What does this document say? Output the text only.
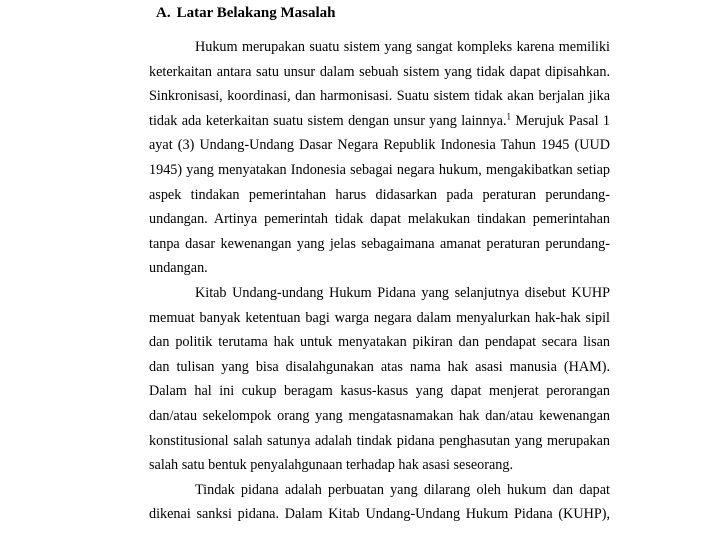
A. Latar Belakang Masalah
Hukum merupakan suatu sistem yang sangat kompleks karena memiliki
keterkaitan antara satu unsur dalam sebuah sistem yang tidak dapat dipisahkan.
Sinkronisasi, koordinasi, dan harmonisasi. Suatu sistem tidak akan berjalan jika
tidak ada keterkaitan suatu sistem dengan unsur yang lainnya.$^1$ Merujuk Pasal 1
ayat (3) Undang-Undang Dasar Negara Republik Indonesia Tahun 1945 (UUD
1945) yang menyatakan Indonesia sebagai negara hukum, mengakibatkan setiap
aspek tindakan pemerintahan harus didasarkan pada peraturan perundang-
undangan. Artinya pemerintah tidak dapat melakukan tindakan pemerintahan
tanpa dasar kewenangan yang jelas sebagaimana amanat peraturan perundang-
undangan.
Kitab Undang-undang Hukum Pidana yang selanjutnya disebut KUHP
memuat banyak ketentuan bagi warga negara dalam menyalurkan hak-hak sipil
dan politik terutama hak untuk menyatakan pikiran dan pendapat secara lisan
dan tulisan yang bisa disalahgunakan atas nama hak asasi manusia (HAM).
Dalam hal ini cukup beragam kasus-kasus yang dapat menjerat perorangan
dan/atau sekelompok orang yang mengatasnamakan hak dan/atau kewenangan
konstitusional salah satunya adalah tindak pidana penghasutan yang merupakan
salah satu bentuk penyalahgunaan terhadap hak asasi seseorang.
Tindak pidana adalah perbuatan yang dilarang oleh hukum dan dapat
dikenai sanksi pidana. Dalam Kitab Undang-Undang Hukum Pidana (KUHP),
